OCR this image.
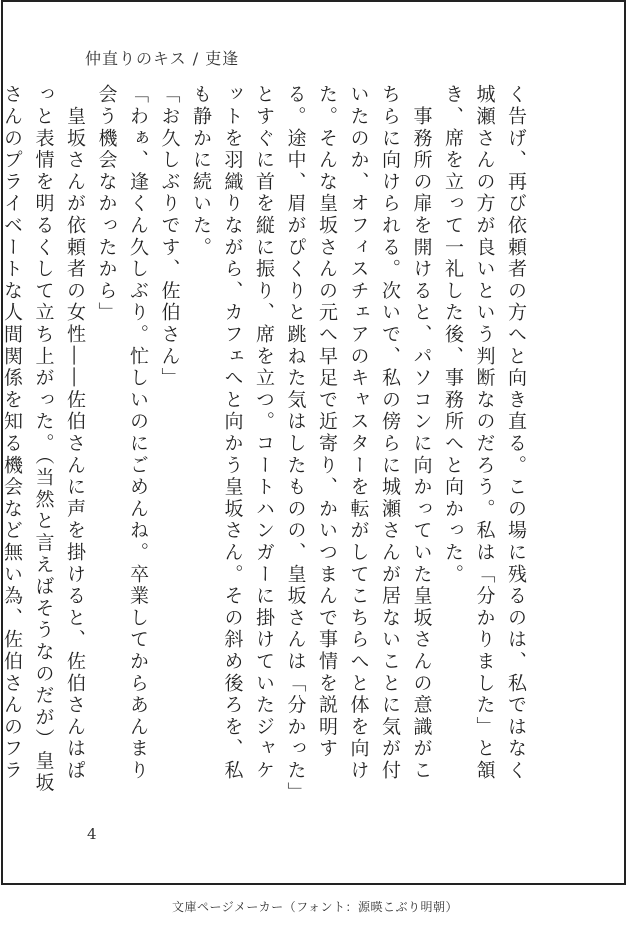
仲直りのキス / 吏逢
く告げ、再び依頼者の方へと向き直る。この場に残るのは、私ではなく城瀬さんの方が良いという判断なのだろう。私は「分かりました」と頷き、席を立って一礼した後、事務所へと向かった。
　事務所の扉を開けると、パソコンに向かっていた皇坂さんの意識がこちらに向けられる。次いで、私の傍らに城瀬さんが居ないことに気が付いたのか、オフィスチェアのキャスターを転がしてこちらへと体を向けた。そんな皇坂さんの元へ早足で近寄り、かいつまんで事情を説明する。途中、眉がぴくりと跳ねた気はしたものの、皇坂さんは「分かった」とすぐに首を縦に振り、席を立つ。コートハンガーに掛けていたジャケットを羽織りながら、カフェへと向かう皇坂さん。その斜め後ろを、私も静かに続いた。
「お久しぶりです、佐伯さん」
「わぁ、逢くん久しぶり。忙しいのにごめんね。卒業してからあんまり会う機会なかったから」
　皇坂さんが依頼者の女性――佐伯さんに声を掛けると、佐伯さんはぱっと表情を明るくして立ち上がった。（当然と言えばそうなのだが）皇坂さんのプライベートな人間関係を知る機会など無い為、佐伯さんのフラ
4
文庫ページメーカー（フォント：源暎こぶり明朝）
